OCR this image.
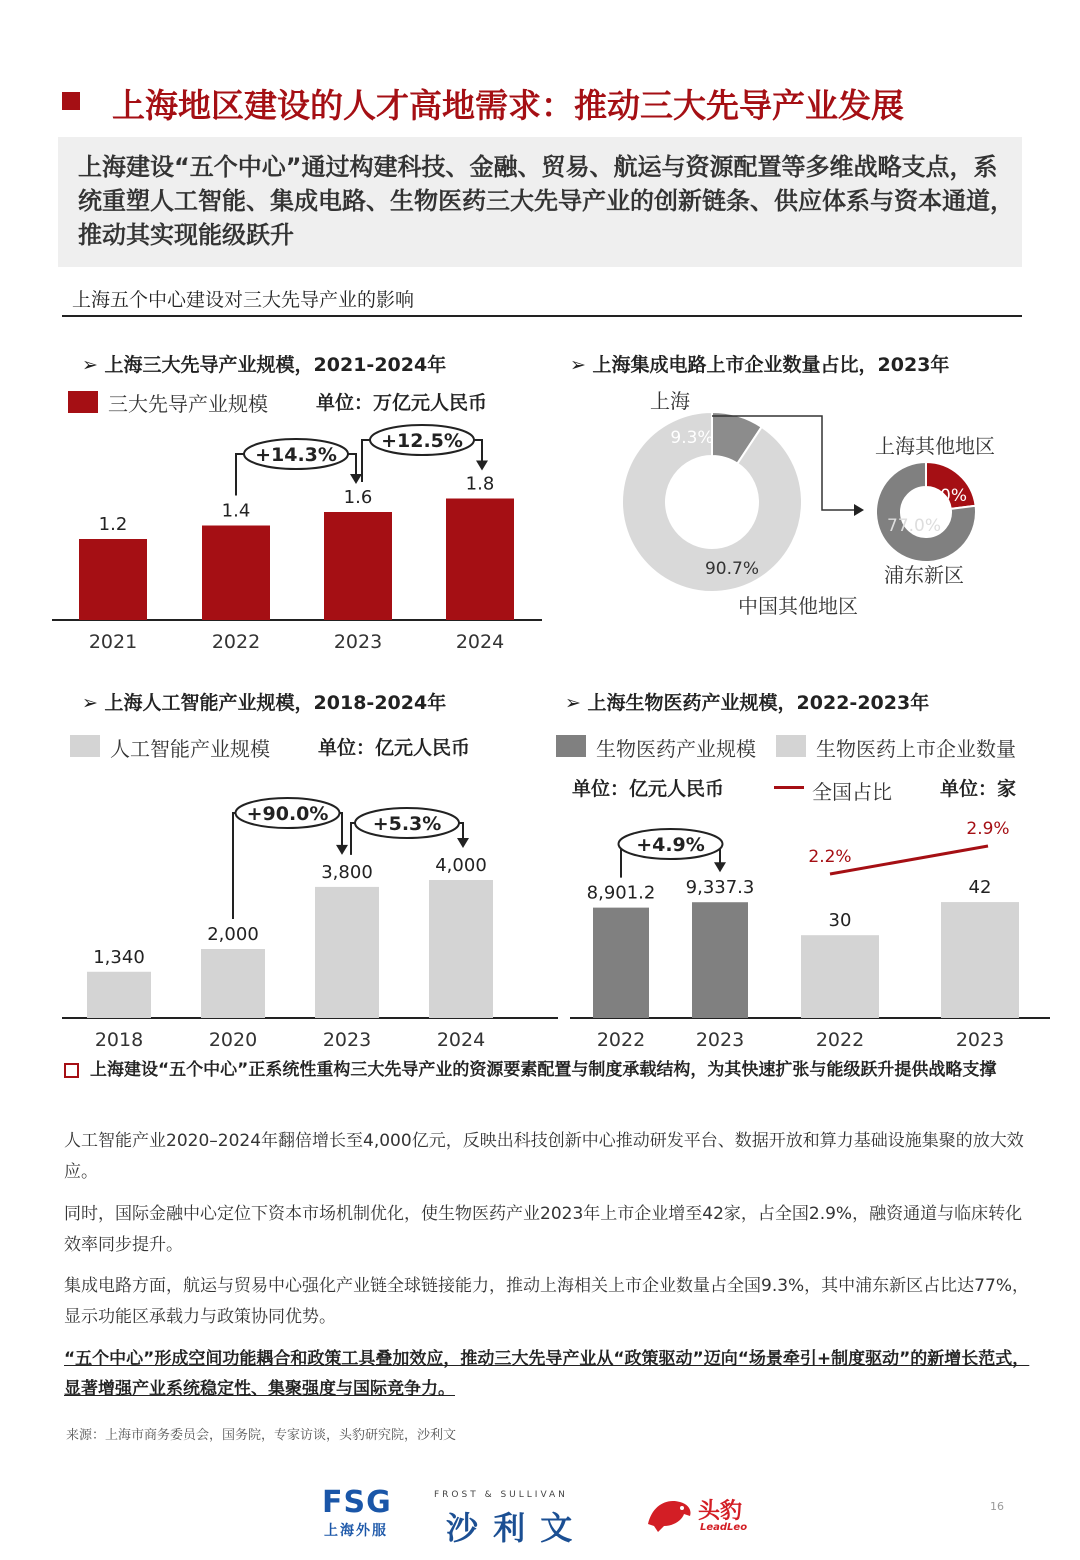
上海地区建设的人才高地需求：推动三大先导产业发展
上海建设“五个中心”通过构建科技、金融、贸易、航运与资源配置等多维战略支点，系统重塑人工智能、集成电路、生物医药三大先导产业的创新链条、供应体系与资本通道，推动其实现能级跃升
上海五个中心建设对三大先导产业的影响
➢ 上海三大先导产业规模，2021-2024年
三大先导产业规模	单位：万亿元人民币
1.2
2021
1.4
2022
1.6
2023
1.8
2024
+14.3%
+12.5%
➢ 上海集成电路上市企业数量占比，2023年
上海
9.3%
90.7%
中国其他地区
上海其他地区
23.0%
77.0%
浦东新区
➢ 上海人工智能产业规模，2018-2024年
人工智能产业规模	单位：亿元人民币
1,340
2018
2,000
2020
3,800
2023
4,000
2024
+90.0% +5.3%
➢ 上海生物医药产业规模，2022-2023年
生物医药产业规模	生物医药上市企业数量
单位：亿元人民币	全国占比	单位：家
8,901.2
2022
9,337.3
2023
+4.9%
30
2022
42
2023
2.2%
2.9%
上海建设“五个中心”正系统性重构三大先导产业的资源要素配置与制度承载结构，为其快速扩张与能级跃升提供战略支撑
人工智能产业2020–2024年翻倍增长至4,000亿元，反映出科技创新中心推动研发平台、数据开放和算力基础设施集聚的放大效应。
同时，国际金融中心定位下资本市场机制优化，使生物医药产业2023年上市企业增至42家，占全国2.9%，融资通道与临床转化效率同步提升。
集成电路方面，航运与贸易中心强化产业链全球链接能力，推动上海相关上市企业数量占全国9.3%，其中浦东新区占比达77%，显示功能区承载力与政策协同优势。
“五个中心”形成空间功能耦合和政策工具叠加效应，推动三大先导产业从“政策驱动”迈向“场景牵引+制度驱动”的新增长范式，显著增强产业系统稳定性、集聚强度与国际竞争力。
来源：上海市商务委员会，国务院，专家访谈，头豹研究院，沙利文
FSG
上海外服
FROST & SULLIVAN
沙 利 文	头豹
LeadLeo
16
